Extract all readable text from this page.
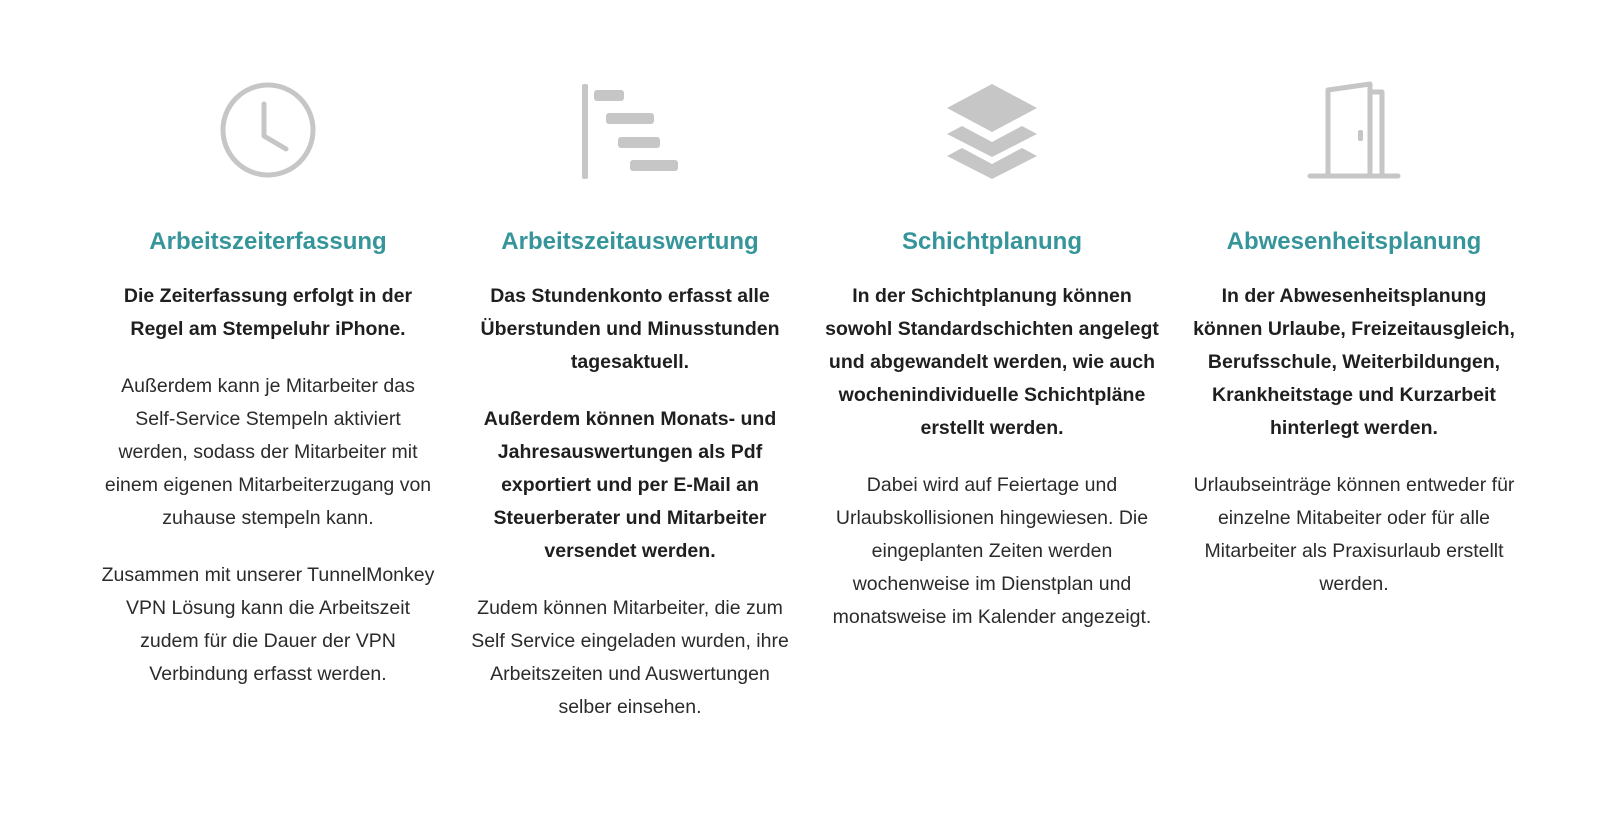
Arbeitszeiterfassung
Die Zeiterfassung erfolgt in der Regel am Stempeluhr iPhone.
Außerdem kann je Mitarbeiter das Self-Service Stempeln aktiviert werden, sodass der Mitarbeiter mit einem eigenen Mitarbeiterzugang von zuhause stempeln kann.
Zusammen mit unserer TunnelMonkey VPN Lösung kann die Arbeitszeit zudem für die Dauer der VPN Verbindung erfasst werden.
Arbeitszeitauswertung
Das Stundenkonto erfasst alle Überstunden und Minusstunden tagesaktuell.
Außerdem können Monats- und Jahresauswertungen als Pdf exportiert und per E-Mail an Steuerberater und Mitarbeiter versendet werden.
Zudem können Mitarbeiter, die zum Self Service eingeladen wurden, ihre Arbeitszeiten und Auswertungen selber einsehen.
Schichtplanung
In der Schichtplanung können sowohl Standardschichten angelegt und abgewandelt werden, wie auch wochenindividuelle Schichtpläne erstellt werden.
Dabei wird auf Feiertage und Urlaubskollisionen hingewiesen. Die eingeplanten Zeiten werden wochenweise im Dienstplan und monatsweise im Kalender angezeigt.
Abwesenheitsplanung
In der Abwesenheitsplanung können Urlaube, Freizeitausgleich, Berufsschule, Weiterbildungen, Krankheitstage und Kurzarbeit hinterlegt werden.
Urlaubseinträge können entweder für einzelne Mitabeiter oder für alle Mitarbeiter als Praxisurlaub erstellt werden.
